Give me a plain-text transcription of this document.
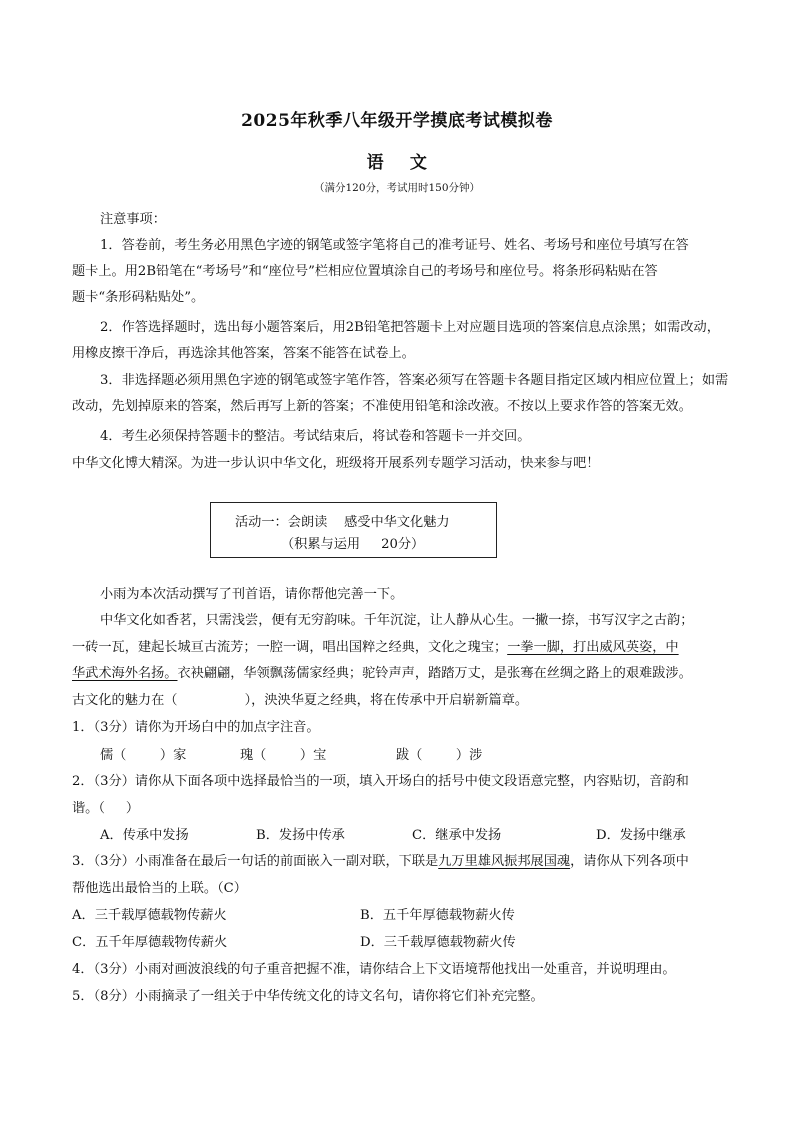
2025年秋季八年级开学摸底考试模拟卷
语    文
（满分120分，考试用时150分钟）
注意事项：
1．答卷前，考生务必用黑色字迹的钢笔或签字笔将自己的准考证号、姓名、考场号和座位号填写在答
题卡上。用2B铅笔在“考场号”和“座位号”栏相应位置填涂自己的考场号和座位号。将条形码粘贴在答
题卡“条形码粘贴处”。
2．作答选择题时，选出每小题答案后，用2B铅笔把答题卡上对应题目选项的答案信息点涂黑；如需改动，
用橡皮擦干净后，再选涂其他答案，答案不能答在试卷上。
3．非选择题必须用黑色字迹的钢笔或签字笔作答，答案必须写在答题卡各题目指定区域内相应位置上；如需
改动，先划掉原来的答案，然后再写上新的答案；不准使用铅笔和涂改液。不按以上要求作答的答案无效。
4．考生必须保持答题卡的整洁。考试结束后，将试卷和答题卡一并交回。
中华文化博大精深。为进一步认识中华文化，班级将开展系列专题学习活动，快来参与吧！
活动一：会朗读    感受中华文化魅力
（积累与运用     20分）
小雨为本次活动撰写了刊首语，请你帮他完善一下。
中华文化如香茗，只需浅尝，便有无穷韵味。千年沉淀，让人静从心生。一撇一捺，书写汉字之古韵；
一砖一瓦，建起长城亘古流芳；一腔一调，唱出国粹之经典，文化之瑰宝；一拳一脚，打出威风英姿，中
华武术海外名扬。衣袂翩翩，华领飘荡儒家经典；驼铃声声，踏踏万丈，是张骞在丝绸之路上的艰难跋涉。
古文化的魅力在（                ），泱泱华夏之经典，将在传承中开启崭新篇章。
1．（3分）请你为开场白中的加点字注音。
儒（        ）家	瑰（        ）宝	跋（        ）涉
2．（3分）请你从下面各项中选择最恰当的一项，填入开场白的括号中使文段语意完整，内容贴切，音韵和
谐。（     ）
A．传承中发扬	B．发扬中传承	C．继承中发扬	D．发扬中继承
3．（3分）小雨准备在最后一句话的前面嵌入一副对联，下联是九万里雄风振邦展国魂，请你从下列各项中
帮他选出最恰当的上联。（C）
A．三千载厚德载物传薪火	B．五千年厚德载物薪火传
C．五千年厚德载物传薪火	D．三千载厚德载物薪火传
4．（3分）小雨对画波浪线的句子重音把握不准，请你结合上下文语境帮他找出一处重音，并说明理由。
5．（8分）小雨摘录了一组关于中华传统文化的诗文名句，请你将它们补充完整。
